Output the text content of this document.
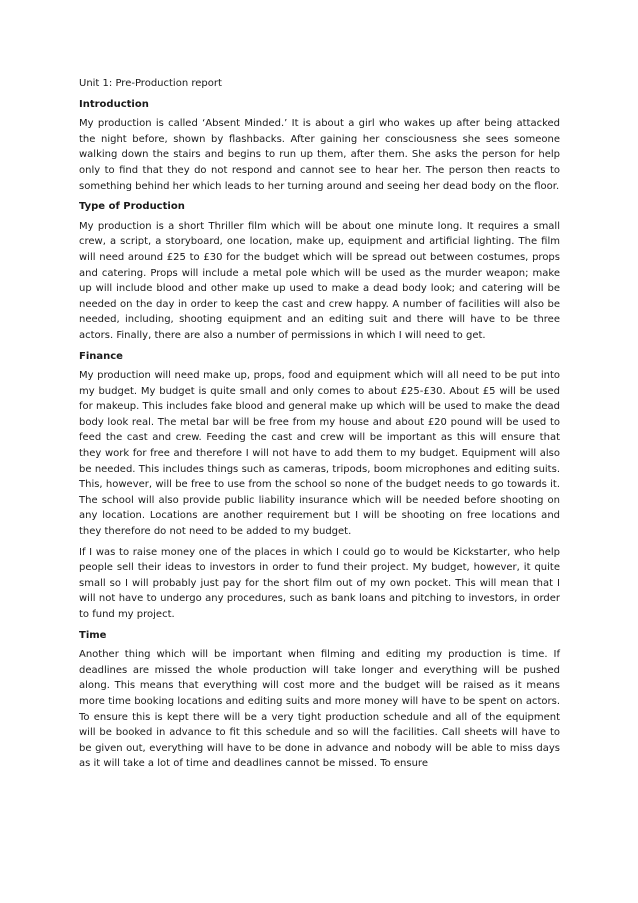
Unit 1: Pre-Production report

Introduction

My production is called ‘Absent Minded.’ It is about a girl who wakes up after being attacked the night before, shown by flashbacks. After gaining her consciousness she sees someone walking down the stairs and begins to run up them, after them. She asks the person for help only to find that they do not respond and cannot see to hear her. The person then reacts to something behind her which leads to her turning around and seeing her dead body on the floor.

Type of Production

My production is a short Thriller film which will be about one minute long. It requires a small crew, a script, a storyboard, one location, make up, equipment and artificial lighting. The film will need around £25 to £30 for the budget which will be spread out between costumes, props and catering. Props will include a metal pole which will be used as the murder weapon; make up will include blood and other make up used to make a dead body look; and catering will be needed on the day in order to keep the cast and crew happy. A number of facilities will also be needed, including, shooting equipment and an editing suit and there will have to be three actors. Finally, there are also a number of permissions in which I will need to get.

Finance

My production will need make up, props, food and equipment which will all need to be put into my budget. My budget is quite small and only comes to about £25-£30. About £5 will be used for makeup. This includes fake blood and general make up which will be used to make the dead body look real. The metal bar will be free from my house and about £20 pound will be used to feed the cast and crew. Feeding the cast and crew will be important as this will ensure that they work for free and therefore I will not have to add them to my budget. Equipment will also be needed. This includes things such as cameras, tripods, boom microphones and editing suits. This, however, will be free to use from the school so none of the budget needs to go towards it. The school will also provide public liability insurance which will be needed before shooting on any location. Locations are another requirement but I will be shooting on free locations and they therefore do not need to be added to my budget.

If I was to raise money one of the places in which I could go to would be Kickstarter, who help people sell their ideas to investors in order to fund their project. My budget, however, it quite small so I will probably just pay for the short film out of my own pocket. This will mean that I will not have to undergo any procedures, such as bank loans and pitching to investors, in order to fund my project.

Time

Another thing which will be important when filming and editing my production is time. If deadlines are missed the whole production will take longer and everything will be pushed along. This means that everything will cost more and the budget will be raised as it means more time booking locations and editing suits and more money will have to be spent on actors. To ensure this is kept there will be a very tight production schedule and all of the equipment will be booked in advance to fit this schedule and so will the facilities. Call sheets will have to be given out, everything will have to be done in advance and nobody will be able to miss days as it will take a lot of time and deadlines cannot be missed. To ensure
